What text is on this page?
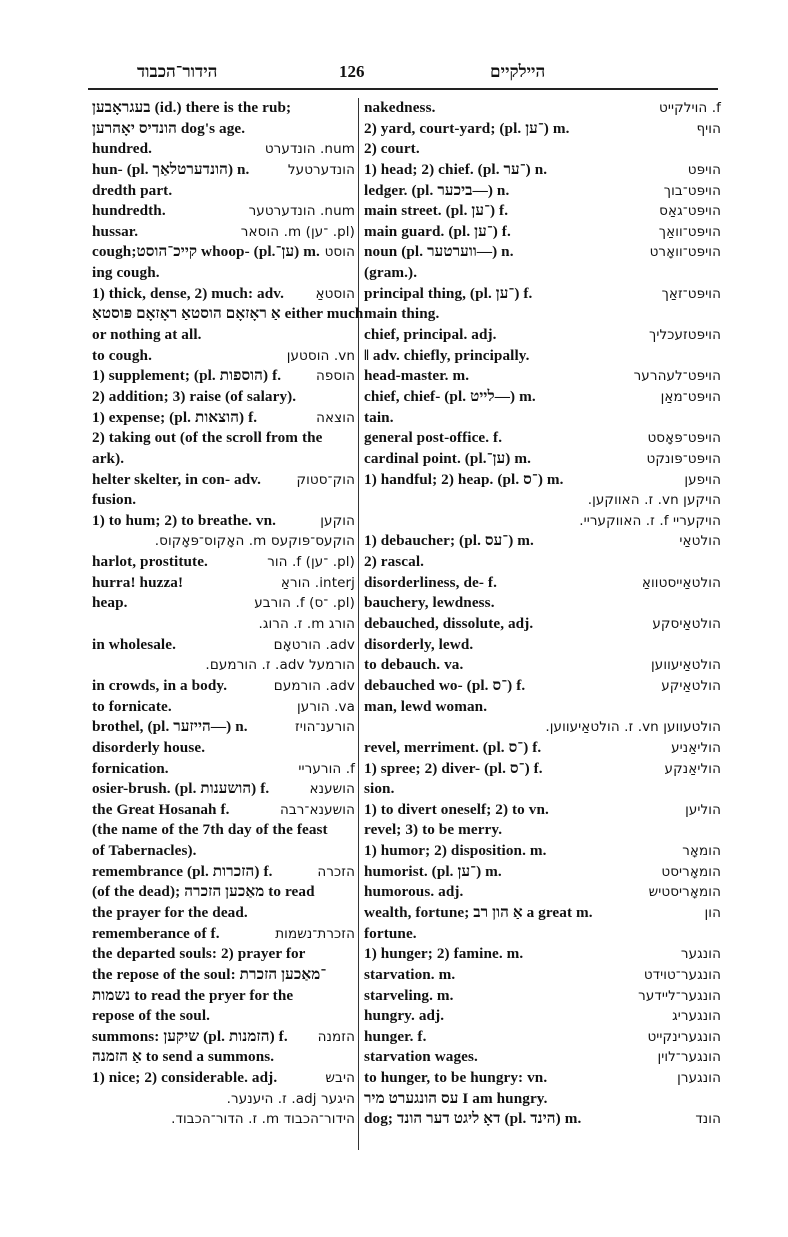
הידור־הכבוד	126	היילקיים
בעגראָבען (id.) there is the rub;
הונדיס יאָהרען dog's age.
hundred.	num. הונדערט
hun- (pl. הונדערטלאַך) n.	הונדערטעל
dredth part.
hundredth.	num. הונדערטער
hussar.	(pl. ־ען) m. הוסאר
cough;קייכ־הוסט whoop- (pl.ען־) m. הוסט
ing cough.
1) thick, dense, 2) much: adv. הוסטאַ
אַ ראָזאָם הוסטאַ ראָזאָם פּוסטאַ either much
or nothing at all.
to cough.	vn. הוסטען
1) supplement; (pl. הוספות) f.	הוספה
2) addition; 3) raise (of salary).
1) expense; (pl. הוצאות) f.	הוצאה
2) taking out (of the scroll from the
ark).
helter skelter, in con- adv.	הוק־סטוק
fusion.
1) to hum; 2) to breathe. vn.	הוקען
הוקעס־פּוקעס m. האָקוס־פּאָקוס.
harlot, prostitute.	(pl. ־ען) f. הור
hurra! huzza!	interj. הוראַ
heap.	(pl. ־ס) f. הורבע
הורג m. ז. הרוג.
in wholesale.	adv. הורטאָם
הורמעל adv. ז. הורמעם.
in crowds, in a body.	adv. הורמעם
to fornicate.	va. הורען
brothel, (pl. הייזער—) n.	הורענ־הויז
disorderly house.
fornication.	f. הורעריי
osier-brush. (pl. הושענות) f.	הושענא
the Great Hosanah f.	הושענא־רבה
(the name of the 7th day of the feast
of Tabernacles).
remembrance (pl. הזכרות) f.	הזכרה
(of the dead); מאַכען הזכרה to read
the prayer for the dead.
rememberance of f.	הזכרת־נשמות
the departed souls: 2) prayer for
the repose of the soul: ־מאַכען הזכרת
נשמות to read the pryer for the
repose of the soul.
summons: שיקען (pl. הזמנות) f. הזמנה
אַ הזמנה to send a summons.
1) nice; 2) considerable. adj.	היבש
היגער adj. ז. היענער.
הידור־הכבוד m. ז. הדור־הכבוד.
nakedness.	f. הוילקייט
2) yard, court-yard; (pl. ־ען) m.	הויף
2) court.
1) head; 2) chief. (pl. ־ער) n.	הויפּט
ledger. (pl. ביכער—) n.	הויפּט־בוך
main street. (pl. ־ען) f.	הויפּט־גאַס
main guard. (pl. ־ען) f.	הויפּט־וואַך
noun (pl. ווערטער—) n.	הויפּט־וואָרט
(gram.).
principal thing, (pl. ־ען) f.	הויפּט־זאַך
main thing.
chief, principal. adj.	הויפּטזעכליך
‖ adv. chiefly, principally.
head-master. m.	הויפּט־לעהרער
chief, chief- (pl. לייט—) m.	הויפּט־מאַן
tain.
general post-office. f.	הויפּט־פּאָסט
cardinal point. (pl.ען־) m.	הויפּט־פּונקט
1) handful; 2) heap. (pl. ־ס) m.	הויפען
הויקען vn. ז. האווקען.
הויקעריי f. ז. האווקעריי.
1) debaucher; (pl. ־עס) m.	הולטאַי
2) rascal.
disorderliness, de- f.	הולטאַייסטוואַ
bauchery, lewdness.
debauched, dissolute, adj.	הולטאַיסקע
disorderly, lewd.
to debauch. va.	הולטאַיעווען
debauched wo- (pl. ־ס) f.	הולטאַיקע
man, lewd woman.
הולטעווען vn. ז. הולטאַיעווען.
revel, merriment. (pl. ־ס) f.	הוליאַניע
1) spree; 2) diver- (pl. ־ס) f.	הוליאַנקע
sion.
1) to divert oneself; 2) to vn.	הוליען
revel; 3) to be merry.
1) humor; 2) disposition. m.	הומאָר
humorist. (pl. ־ען) m.	הומאָריסט
humorous. adj.	הומאָריסטיש
wealth, fortune; אַ הון רב a great m.	הון
fortune.
1) hunger; 2) famine. m.	הונגער
starvation. m.	הונגער־טוידט
starveling. m.	הונגער־ליידער
hungry. adj.	הונגעריג
hunger. f.	הונגערינקייט
starvation wages.	הונגער־לוין
to hunger, to be hungry: vn.	הונגערן
עס הונגערט מיר I am hungry.
dog; דאָ ליגט דער הונד (pl. הינד) m.	הונד
